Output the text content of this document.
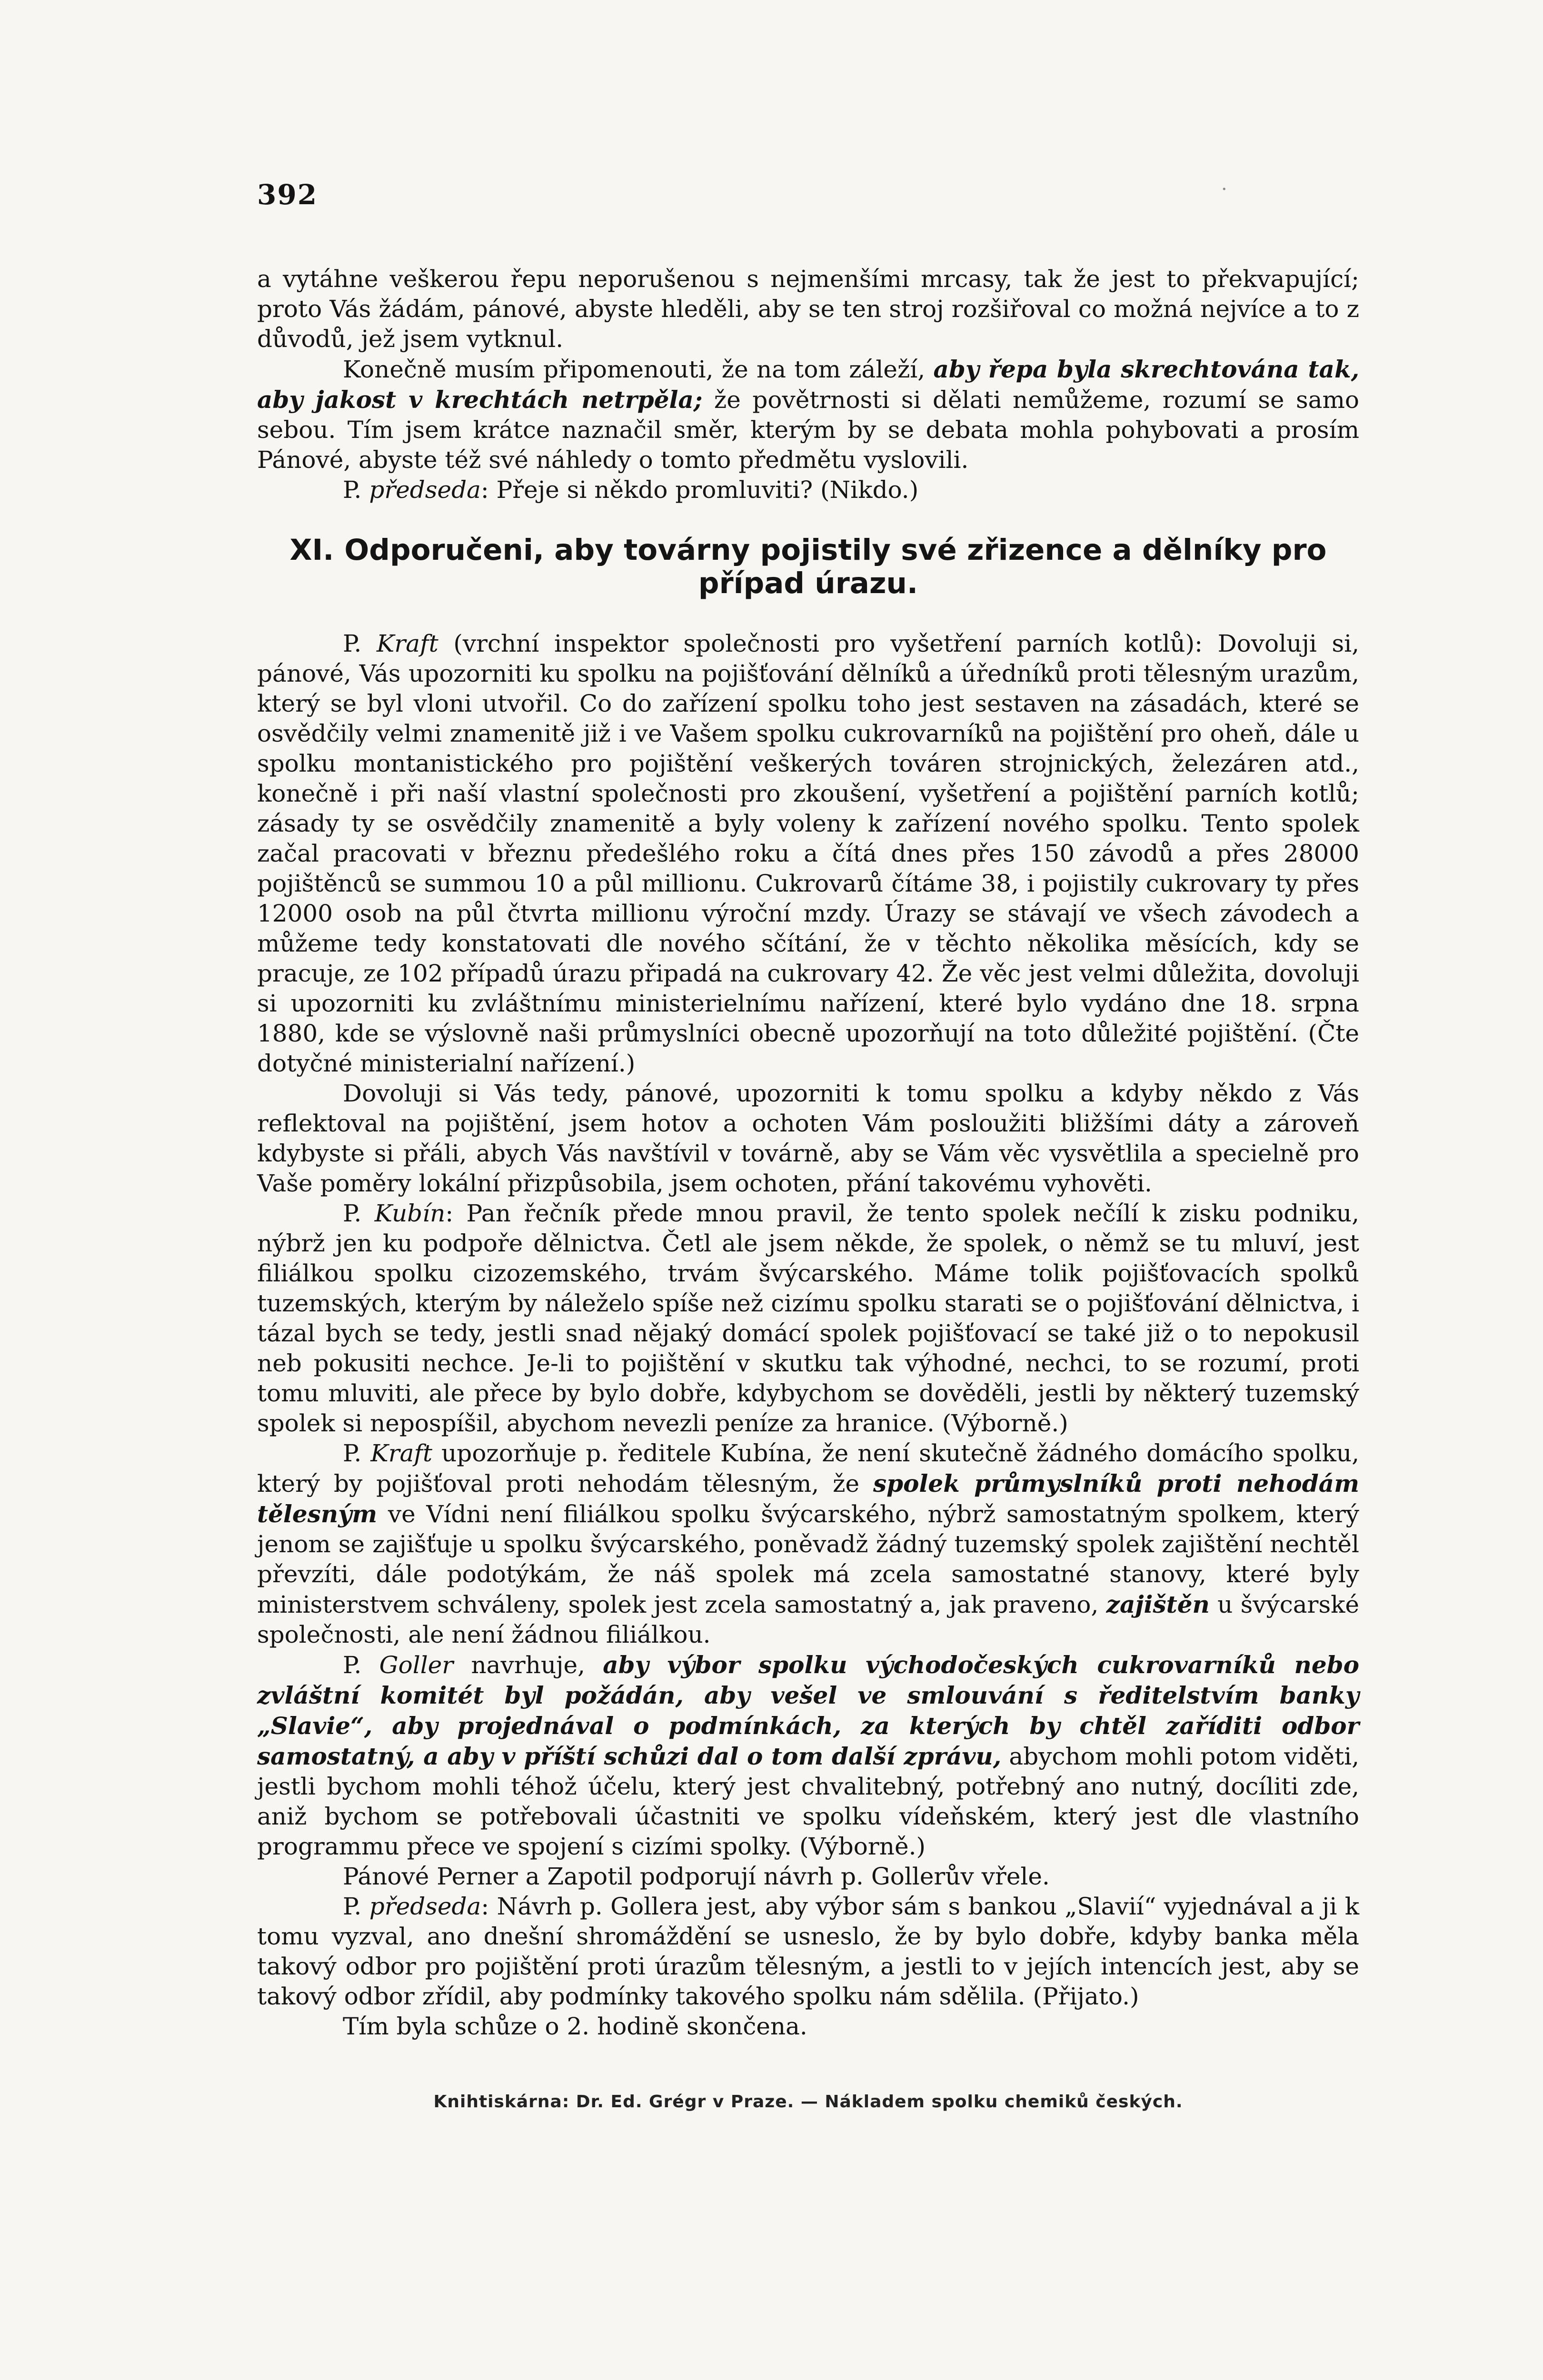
392	·

a vytáhne veškerou řepu neporušenou s nejmenšími mrcasy, tak že jest to překvapující; proto Vás žádám, pánové, abyste hleděli, aby se ten stroj rozšiřoval co možná nejvíce a to z důvodů, jež jsem vytknul.

Konečně musím připomenouti, že na tom záleží, aby řepa byla skrechtována tak, aby jakost v krechtách netrpěla; že povětrnosti si dělati nemůžeme, rozumí se samo sebou. Tím jsem krátce naznačil směr, kterým by se debata mohla pohybovati a prosím Pánové, abyste též své náhledy o tomto předmětu vyslovili.

P. předseda: Přeje si někdo promluviti? (Nikdo.)

XI. Odporučeni, aby továrny pojistily své zřizence a dělníky pro případ úrazu.

P. Kraft (vrchní inspektor společnosti pro vyšetření parních kotlů): Dovoluji si, pánové, Vás upozorniti ku spolku na pojišťování dělníků a úředníků proti tělesným urazům, který se byl vloni utvořil. Co do zařízení spolku toho jest sestaven na zásadách, které se osvědčily velmi znamenitě již i ve Vašem spolku cukrovarníků na pojištění pro oheň, dále u spolku montanistického pro pojištění veškerých továren strojnických, železáren atd., konečně i při naší vlastní společnosti pro zkoušení, vyšetření a pojištění parních kotlů; zásady ty se osvědčily znamenitě a byly voleny k zařízení nového spolku. Tento spolek začal pracovati v březnu předešlého roku a čítá dnes přes 150 závodů a přes 28000 pojištěnců se summou 10 a půl millionu. Cukrovarů čítáme 38, i pojistily cukrovary ty přes 12000 osob na půl čtvrta millionu výroční mzdy. Úrazy se stávají ve všech závodech a můžeme tedy konstatovati dle nového sčítání, že v těchto několika měsících, kdy se pracuje, ze 102 případů úrazu připadá na cukrovary 42. Že věc jest velmi důležita, dovoluji si upozorniti ku zvláštnímu ministerielnímu nařízení, které bylo vydáno dne 18. srpna 1880, kde se výslovně naši průmyslníci obecně upozorňují na toto důležité pojištění. (Čte dotyčné ministerialní nařízení.)

Dovoluji si Vás tedy, pánové, upozorniti k tomu spolku a kdyby někdo z Vás reflektoval na pojištění, jsem hotov a ochoten Vám posloužiti bližšími dáty a zároveň kdybyste si přáli, abych Vás navštívil v továrně, aby se Vám věc vysvětlila a specielně pro Vaše poměry lokální přizpůsobila, jsem ochoten, přání takovému vyhověti.

P. Kubín: Pan řečník přede mnou pravil, že tento spolek nečílí k zisku podniku, nýbrž jen ku podpoře dělnictva. Četl ale jsem někde, že spolek, o němž se tu mluví, jest filiálkou spolku cizozemského, trvám švýcarského. Máme tolik pojišťovacích spolků tuzemských, kterým by náleželo spíše než cizímu spolku starati se o pojišťování dělnictva, i tázal bych se tedy, jestli snad nějaký domácí spolek pojišťovací se také již o to nepokusil neb pokusiti nechce. Je-li to pojištění v skutku tak výhodné, nechci, to se rozumí, proti tomu mluviti, ale přece by bylo dobře, kdybychom se dověděli, jestli by některý tuzemský spolek si nepospíšil, abychom nevezli peníze za hranice. (Výborně.)

P. Kraft upozorňuje p. ředitele Kubína, že není skutečně žádného domácího spolku, který by pojišťoval proti nehodám tělesným, že spolek průmyslníků proti nehodám tělesným ve Vídni není filiálkou spolku švýcarského, nýbrž samostatným spolkem, který jenom se zajišťuje u spolku švýcarského, poněvadž žádný tuzemský spolek zajištění nechtěl převzíti, dále podotýkám, že náš spolek má zcela samostatné stanovy, které byly ministerstvem schváleny, spolek jest zcela samostatný a, jak praveno, zajištěn u švýcarské společnosti, ale není žádnou filiálkou.

P. Goller navrhuje, aby výbor spolku východočeských cukrovarníků nebo zvláštní komitét byl požádán, aby vešel ve smlouvání s ředitelstvím banky „Slavie“, aby projednával o podmínkách, za kterých by chtěl zaříditi odbor samostatný, a aby v příští schůzi dal o tom další zprávu, abychom mohli potom viděti, jestli bychom mohli téhož účelu, který jest chvalitebný, potřebný ano nutný, docíliti zde, aniž bychom se potřebovali účastniti ve spolku vídeňském, který jest dle vlastního programmu přece ve spojení s cizími spolky. (Výborně.)

Pánové Perner a Zapotil podporují návrh p. Gollerův vřele.

P. předseda: Návrh p. Gollera jest, aby výbor sám s bankou „Slavií“ vyjednával a ji k tomu vyzval, ano dnešní shromáždění se usneslo, že by bylo dobře, kdyby banka měla takový odbor pro pojištění proti úrazům tělesným, a jestli to v jejích intencích jest, aby se takový odbor zřídil, aby podmínky takového spolku nám sdělila. (Přijato.)

Tím byla schůze o 2. hodině skončena.

Knihtiskárna: Dr. Ed. Grégr v Praze. — Nákladem spolku chemiků českých.
